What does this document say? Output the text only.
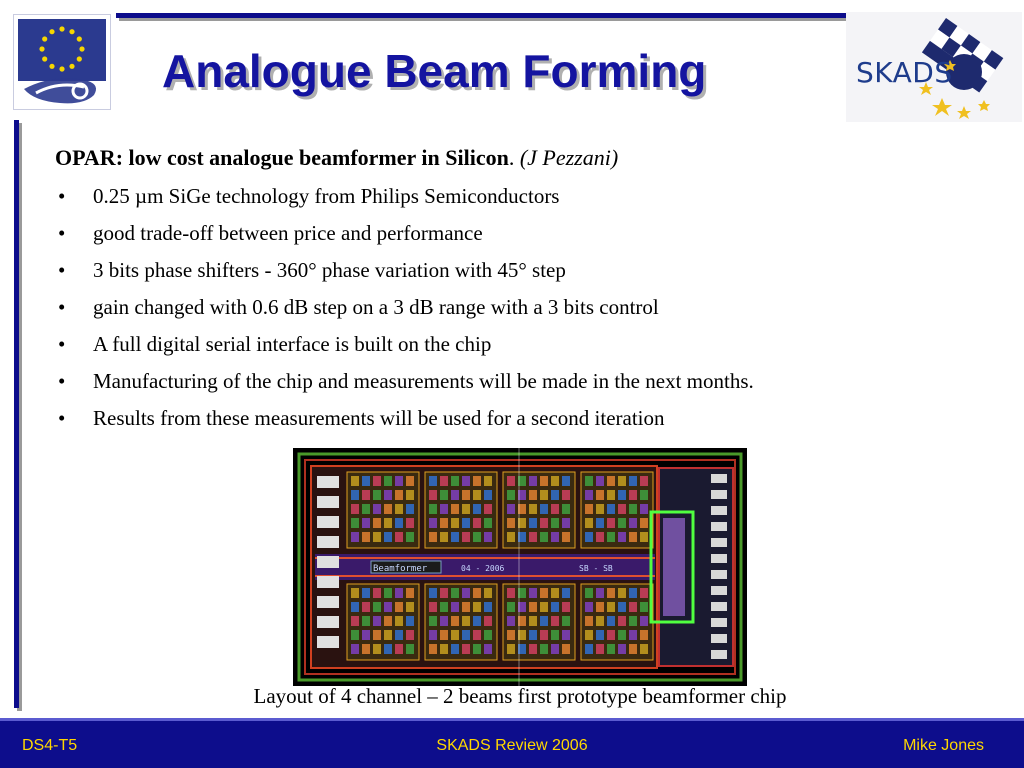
SKADS
Analogue Beam Forming
OPAR: low cost analogue beamformer in Silicon. (J Pezzani)
• 0.25 µm SiGe technology from Philips Semiconductors
• good trade-off between price and performance
• 3 bits phase shifters - 360° phase variation with 45° step
• gain changed with 0.6 dB step on a 3 dB range with a 3 bits control
• A full digital serial interface is built on the chip
• Manufacturing of the chip and measurements will be made in the next months.
• Results from these measurements will be used for a second iteration
Beamformer	04 - 2006	SB - SB
Layout of 4 channel – 2 beams first prototype beamformer chip
DS4-T5	SKADS Review 2006	Mike Jones
